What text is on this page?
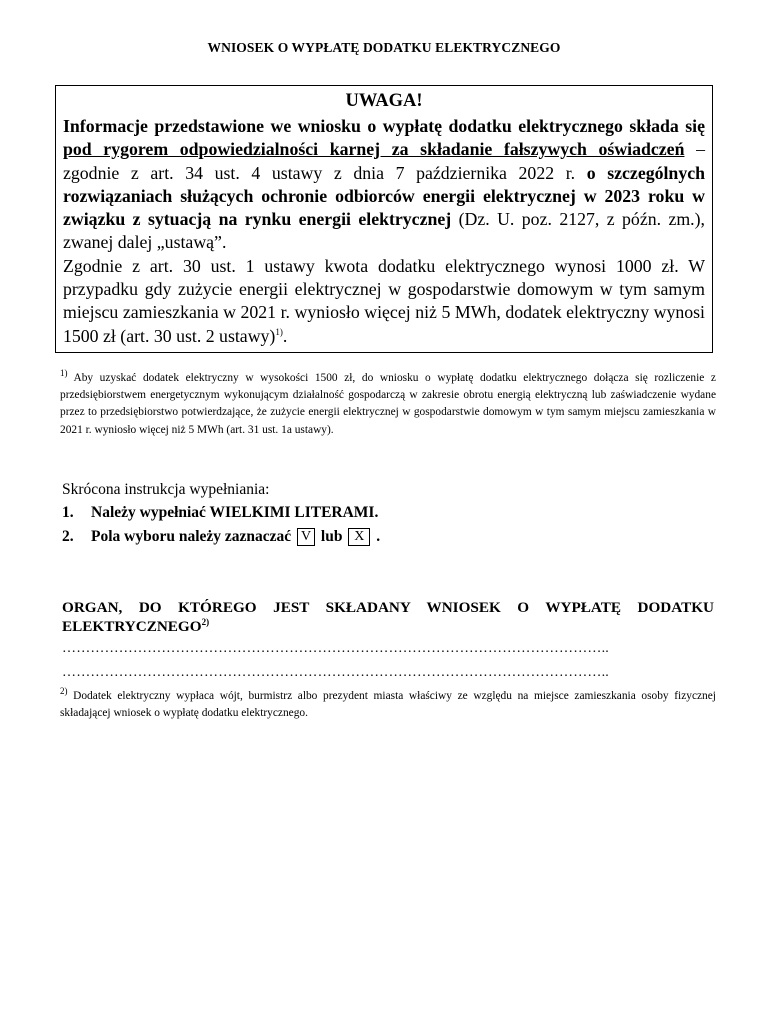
WNIOSEK O WYPŁATĘ DODATKU ELEKTRYCZNEGO
UWAGA!

Informacje przedstawione we wniosku o wypłatę dodatku elektrycznego składa się pod rygorem odpowiedzialności karnej za składanie fałszywych oświadczeń – zgodnie z art. 34 ust. 4 ustawy z dnia 7 października 2022 r. o szczególnych rozwiązaniach służących ochronie odbiorców energii elektrycznej w 2023 roku w związku z sytuacją na rynku energii elektrycznej (Dz. U. poz. 2127, z późn. zm.), zwanej dalej „ustawą”.

Zgodnie z art. 30 ust. 1 ustawy kwota dodatku elektrycznego wynosi 1000 zł. W przypadku gdy zużycie energii elektrycznej w gospodarstwie domowym w tym samym miejscu zamieszkania w 2021 r. wyniosło więcej niż 5 MWh, dodatek elektryczny wynosi 1500 zł (art. 30 ust. 2 ustawy)$^{1)}$.

$^{1)}$ Aby uzyskać dodatek elektryczny w wysokości 1500 zł, do wniosku o wypłatę dodatku elektrycznego dołącza się rozliczenie z przedsiębiorstwem energetycznym wykonującym działalność gospodarczą w zakresie obrotu energią elektryczną lub zaświadczenie wydane przez to przedsiębiorstwo potwierdzające, że zużycie energii elektrycznej w gospodarstwie domowym w tym samym miejscu zamieszkania w 2021 r. wyniosło więcej niż 5 MWh (art. 31 ust. 1a ustawy).
Skrócona instrukcja wypełniania:
1.	Należy wypełniać WIELKIMI LITERAMI.
2.	Pola wyboru należy zaznaczać
V
lub
X
.
ORGAN, DO KTÓREGO JEST SKŁADANY WNIOSEK O WYPŁATĘ DODATKU ELEKTRYCZNEGO$^{2)}$
……………………………………………………………………………………………………..
……………………………………………………………………………………………………..
$^{2)}$ Dodatek elektryczny wypłaca wójt, burmistrz albo prezydent miasta właściwy ze względu na miejsce zamieszkania osoby fizycznej składającej wniosek o wypłatę dodatku elektrycznego.
